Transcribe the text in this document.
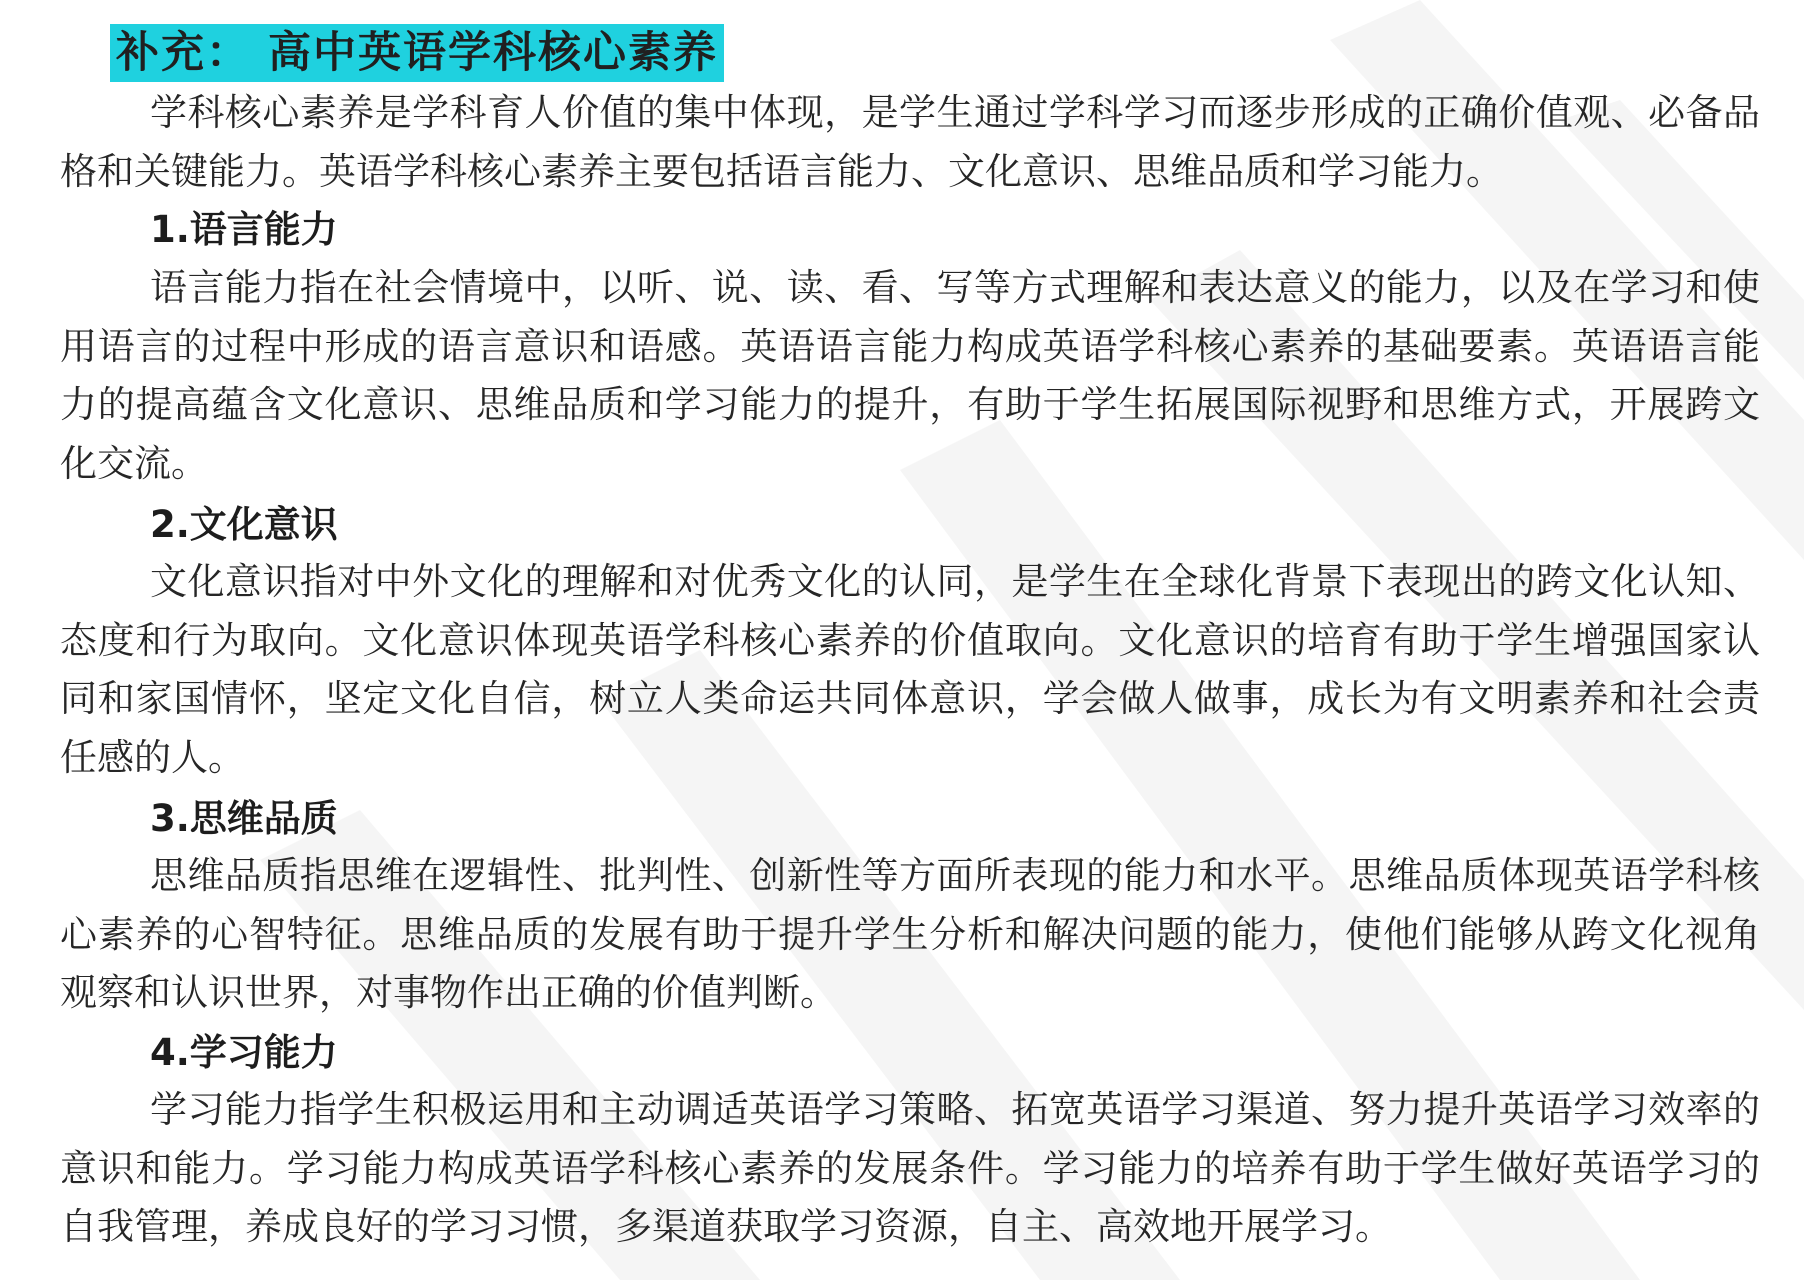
补充： 高中英语学科核心素养

学科核心素养是学科育人价值的集中体现，是学生通过学科学习而逐步形成的正确价值观、必备品格和关键能力。英语学科核心素养主要包括语言能力、文化意识、思维品质和学习能力。

1.语言能力

语言能力指在社会情境中，以听、说、读、看、写等方式理解和表达意义的能力，以及在学习和使用语言的过程中形成的语言意识和语感。英语语言能力构成英语学科核心素养的基础要素。英语语言能力的提高蕴含文化意识、思维品质和学习能力的提升，有助于学生拓展国际视野和思维方式，开展跨文化交流。

2.文化意识

文化意识指对中外文化的理解和对优秀文化的认同，是学生在全球化背景下表现出的跨文化认知、态度和行为取向。文化意识体现英语学科核心素养的价值取向。文化意识的培育有助于学生增强国家认同和家国情怀，坚定文化自信，树立人类命运共同体意识，学会做人做事，成长为有文明素养和社会责任感的人。

3.思维品质

思维品质指思维在逻辑性、批判性、创新性等方面所表现的能力和水平。思维品质体现英语学科核心素养的心智特征。思维品质的发展有助于提升学生分析和解决问题的能力，使他们能够从跨文化视角观察和认识世界，对事物作出正确的价值判断。

4.学习能力

学习能力指学生积极运用和主动调适英语学习策略、拓宽英语学习渠道、努力提升英语学习效率的意识和能力。学习能力构成英语学科核心素养的发展条件。学习能力的培养有助于学生做好英语学习的自我管理，养成良好的学习习惯，多渠道获取学习资源，自主、高效地开展学习。
